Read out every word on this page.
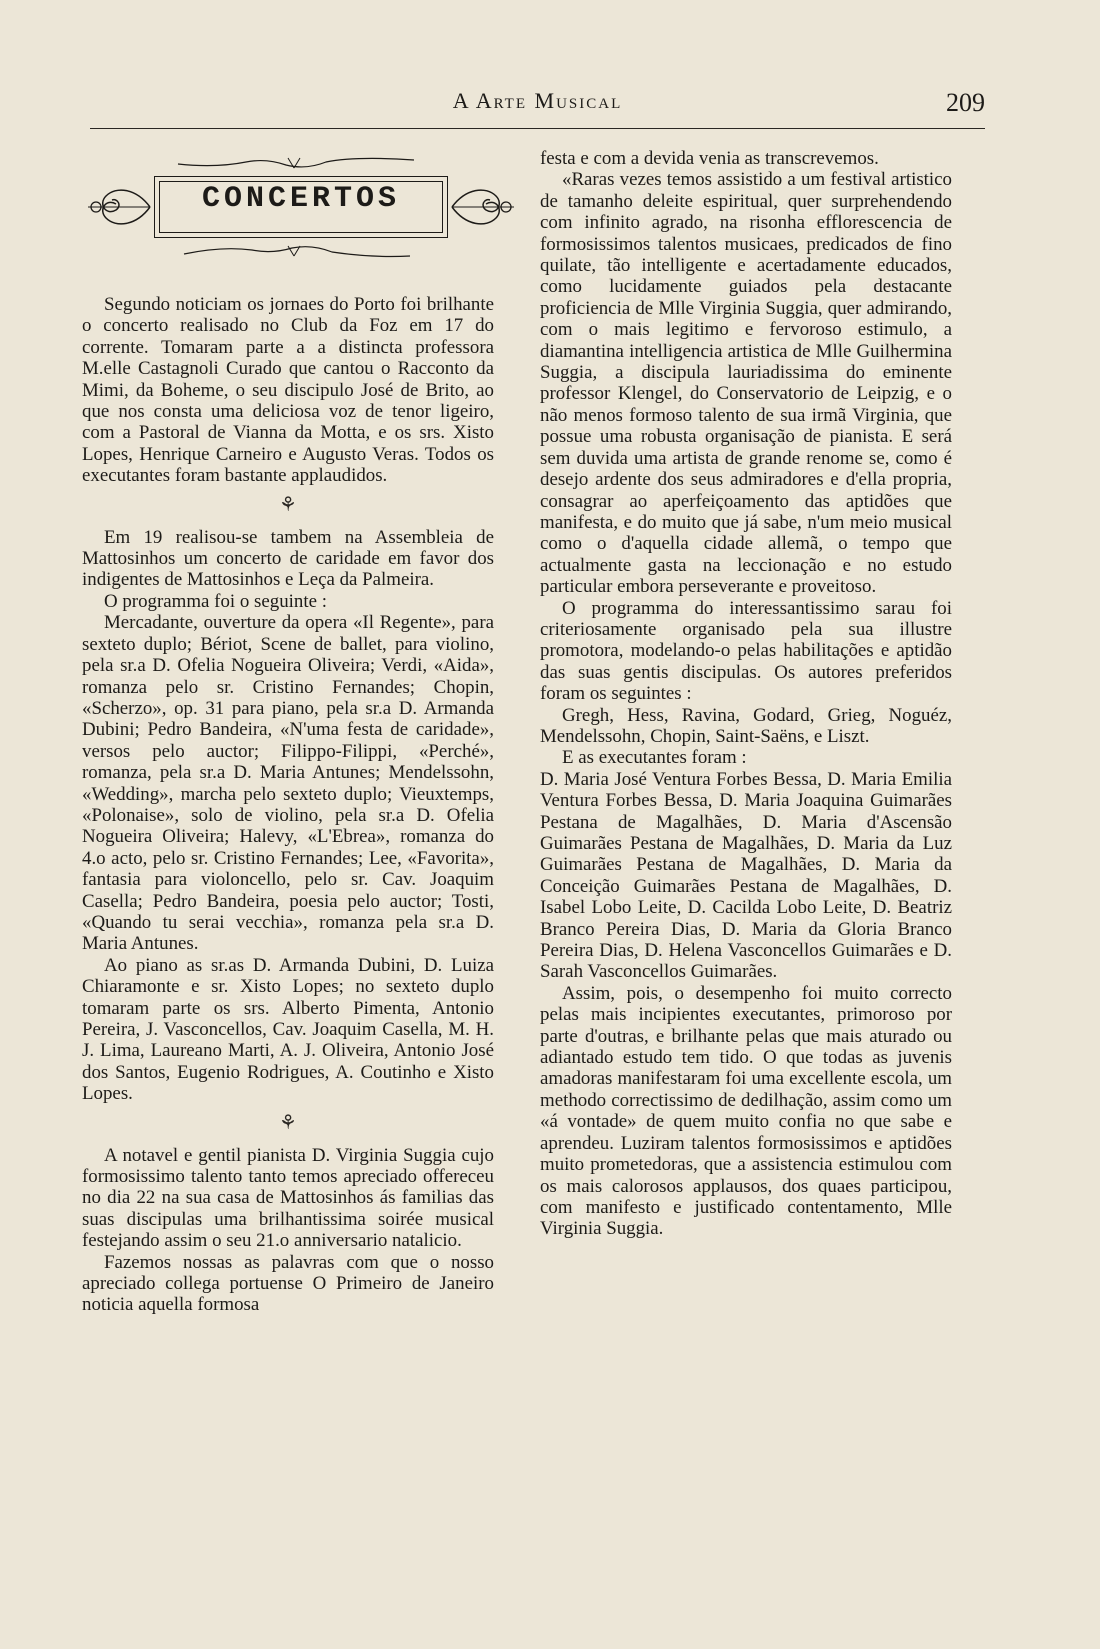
A Arte Musical	209
CONCERTOS

Segundo noticiam os jornaes do Porto foi brilhante o concerto realisado no Club da Foz em 17 do corrente. Tomaram parte a a distincta professora M.elle Castagnoli Curado que cantou o Racconto da Mimi, da Boheme, o seu discipulo José de Brito, ao que nos consta uma deliciosa voz de tenor ligeiro, com a Pastoral de Vianna da Motta, e os srs. Xisto Lopes, Henrique Carneiro e Augusto Veras. Todos os executantes foram bastante applaudidos.

⚘

Em 19 realisou-se tambem na Assembleia de Mattosinhos um concerto de caridade em favor dos indigentes de Mattosinhos e Leça da Palmeira.

O programma foi o seguinte :

Mercadante, ouverture da opera «Il Regente», para sexteto duplo; Bériot, Scene de ballet, para violino, pela sr.a D. Ofelia Nogueira Oliveira; Verdi, «Aida», romanza pelo sr. Cristino Fernandes; Chopin, «Scherzo», op. 31 para piano, pela sr.a D. Armanda Dubini; Pedro Bandeira, «N'uma festa de caridade», versos pelo auctor; Filippo-Filippi, «Perché», romanza, pela sr.a D. Maria Antunes; Mendelssohn, «Wedding», marcha pelo sexteto duplo; Vieuxtemps, «Polonaise», solo de violino, pela sr.a D. Ofelia Nogueira Oliveira; Halevy, «L'Ebrea», romanza do 4.o acto, pelo sr. Cristino Fernandes; Lee, «Favorita», fantasia para violoncello, pelo sr. Cav. Joaquim Casella; Pedro Bandeira, poesia pelo auctor; Tosti, «Quando tu serai vecchia», romanza pela sr.a D. Maria Antunes.

Ao piano as sr.as D. Armanda Dubini, D. Luiza Chiaramonte e sr. Xisto Lopes; no sexteto duplo tomaram parte os srs. Alberto Pimenta, Antonio Pereira, J. Vasconcellos, Cav. Joaquim Casella, M. H. J. Lima, Laureano Marti, A. J. Oliveira, Antonio José dos Santos, Eugenio Rodrigues, A. Coutinho e Xisto Lopes.

⚘

A notavel e gentil pianista D. Virginia Suggia cujo formosissimo talento tanto temos apreciado offereceu no dia 22 na sua casa de Mattosinhos ás familias das suas discipulas uma brilhantissima soirée musical festejando assim o seu 21.o anniversario natalicio.

Fazemos nossas as palavras com que o nosso apreciado collega portuense O Primeiro de Janeiro noticia aquella formosa

festa e com a devida venia as transcrevemos.

«Raras vezes temos assistido a um festival artistico de tamanho deleite espiritual, quer surprehendendo com infinito agrado, na risonha efflorescencia de formosissimos talentos musicaes, predicados de fino quilate, tão intelligente e acertadamente educados, como lucidamente guiados pela destacante proficiencia de Mlle Virginia Suggia, quer admirando, com o mais legitimo e fervoroso estimulo, a diamantina intelligencia artistica de Mlle Guilhermina Suggia, a discipula lauriadissima do eminente professor Klengel, do Conservatorio de Leipzig, e o não menos formoso talento de sua irmã Virginia, que possue uma robusta organisação de pianista. E será sem duvida uma artista de grande renome se, como é desejo ardente dos seus admiradores e d'ella propria, consagrar ao aperfeiçoamento das aptidões que manifesta, e do muito que já sabe, n'um meio musical como o d'aquella cidade allemã, o tempo que actualmente gasta na leccionação e no estudo particular embora perseverante e proveitoso.

O programma do interessantissimo sarau foi criteriosamente organisado pela sua illustre promotora, modelando-o pelas habilitações e aptidão das suas gentis discipulas. Os autores preferidos foram os seguintes :

Gregh, Hess, Ravina, Godard, Grieg, Noguéz, Mendelssohn, Chopin, Saint-Saëns, e Liszt.

E as executantes foram :

D. Maria José Ventura Forbes Bessa, D. Maria Emilia Ventura Forbes Bessa, D. Maria Joaquina Guimarães Pestana de Magalhães, D. Maria d'Ascensão Guimarães Pestana de Magalhães, D. Maria da Luz Guimarães Pestana de Magalhães, D. Maria da Conceição Guimarães Pestana de Magalhães, D. Isabel Lobo Leite, D. Cacilda Lobo Leite, D. Beatriz Branco Pereira Dias, D. Maria da Gloria Branco Pereira Dias, D. Helena Vasconcellos Guimarães e D. Sarah Vasconcellos Guimarães.

Assim, pois, o desempenho foi muito correcto pelas mais incipientes executantes, primoroso por parte d'outras, e brilhante pelas que mais aturado ou adiantado estudo tem tido. O que todas as juvenis amadoras manifestaram foi uma excellente escola, um methodo correctissimo de dedilhação, assim como um «á vontade» de quem muito confia no que sabe e aprendeu. Luziram talentos formosissimos e aptidões muito prometedoras, que a assistencia estimulou com os mais calorosos applausos, dos quaes participou, com manifesto e justificado contentamento, Mlle Virginia Suggia.
